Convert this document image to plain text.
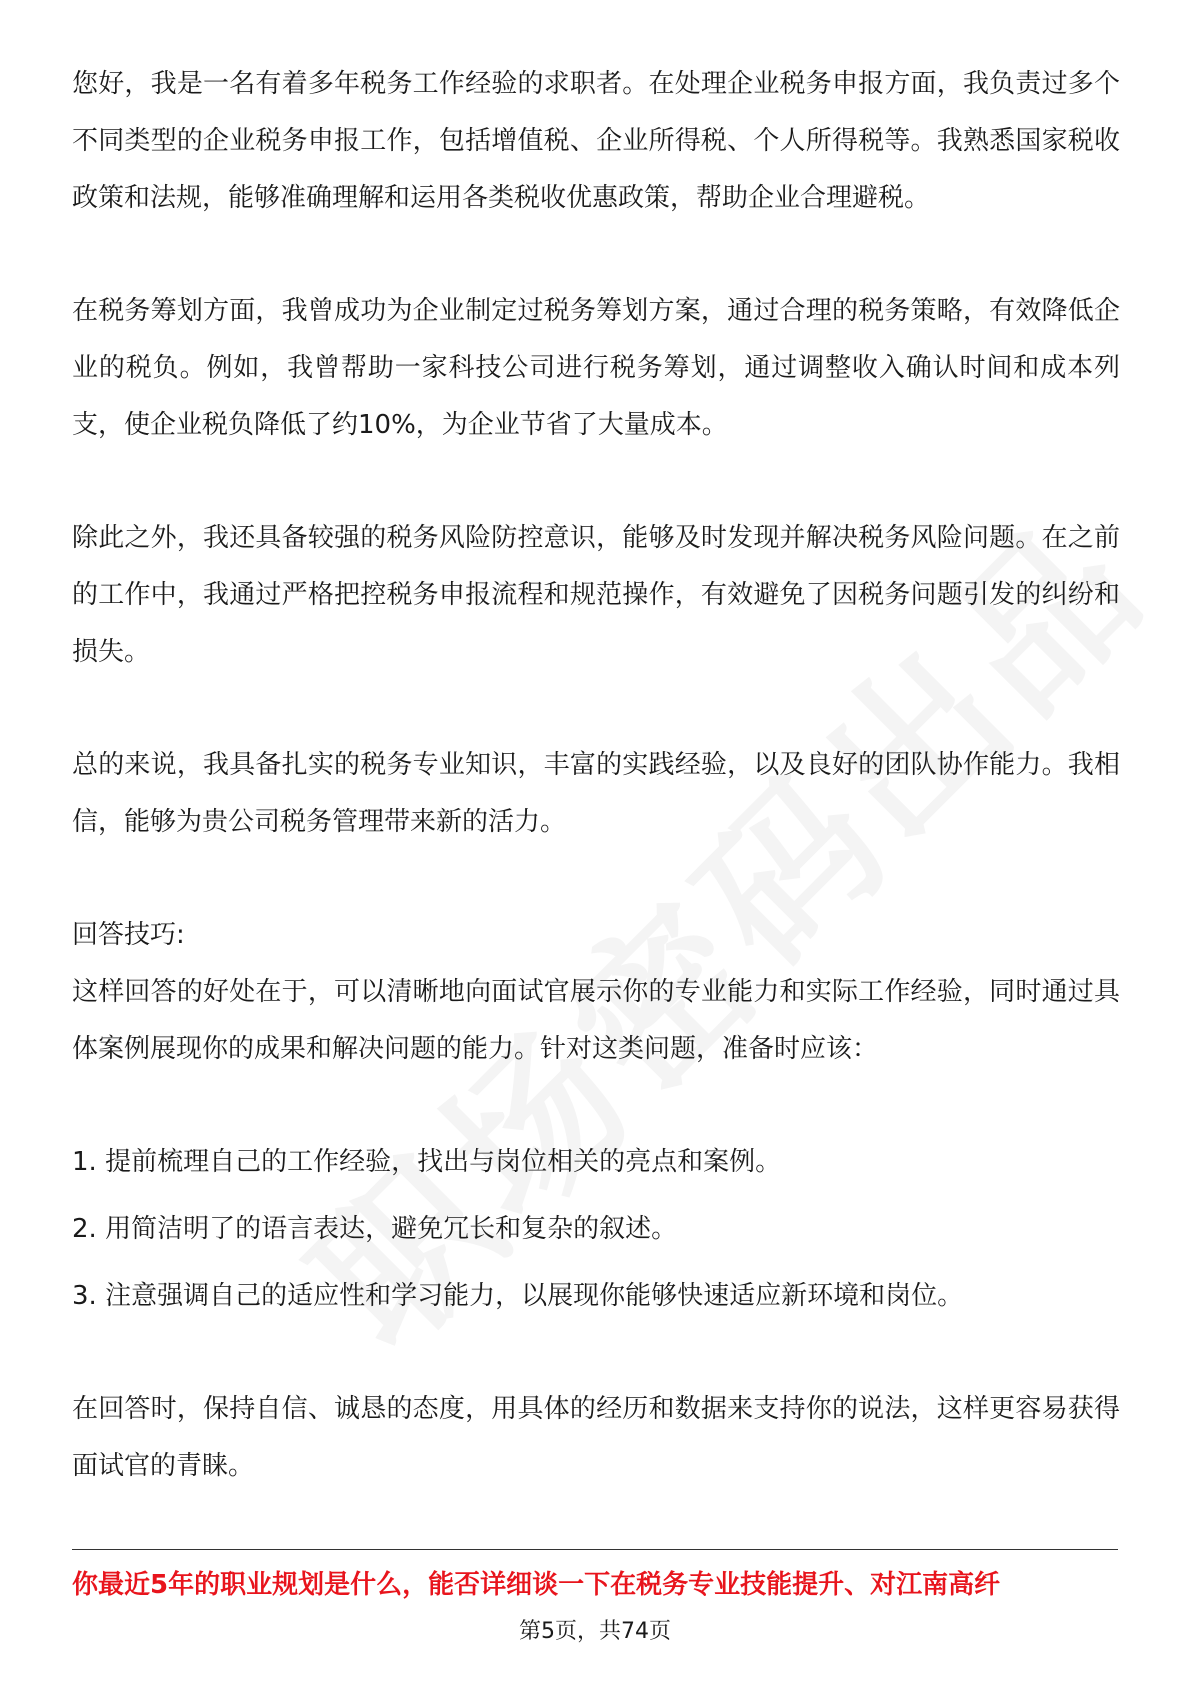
您好，我是一名有着多年税务工作经验的求职者。在处理企业税务申报方面，我负责过多个不同类型的企业税务申报工作，包括增值税、企业所得税、个人所得税等。我熟悉国家税收政策和法规，能够准确理解和运用各类税收优惠政策，帮助企业合理避税。

在税务筹划方面，我曾成功为企业制定过税务筹划方案，通过合理的税务策略，有效降低企业的税负。例如，我曾帮助一家科技公司进行税务筹划，通过调整收入确认时间和成本列支，使企业税负降低了约10%，为企业节省了大量成本。

除此之外，我还具备较强的税务风险防控意识，能够及时发现并解决税务风险问题。在之前的工作中，我通过严格把控税务申报流程和规范操作，有效避免了因税务问题引发的纠纷和损失。

总的来说，我具备扎实的税务专业知识，丰富的实践经验，以及良好的团队协作能力。我相信，能够为贵公司税务管理带来新的活力。

回答技巧:

这样回答的好处在于，可以清晰地向面试官展示你的专业能力和实际工作经验，同时通过具体案例展现你的成果和解决问题的能力。针对这类问题，准备时应该：

1. 提前梳理自己的工作经验，找出与岗位相关的亮点和案例。

2. 用简洁明了的语言表达，避免冗长和复杂的叙述。

3. 注意强调自己的适应性和学习能力，以展现你能够快速适应新环境和岗位。

在回答时，保持自信、诚恳的态度，用具体的经历和数据来支持你的说法，这样更容易获得面试官的青睐。

你最近5年的职业规划是什么，能否详细谈一下在税务专业技能提升、对江南高纤
第5页，共74页
